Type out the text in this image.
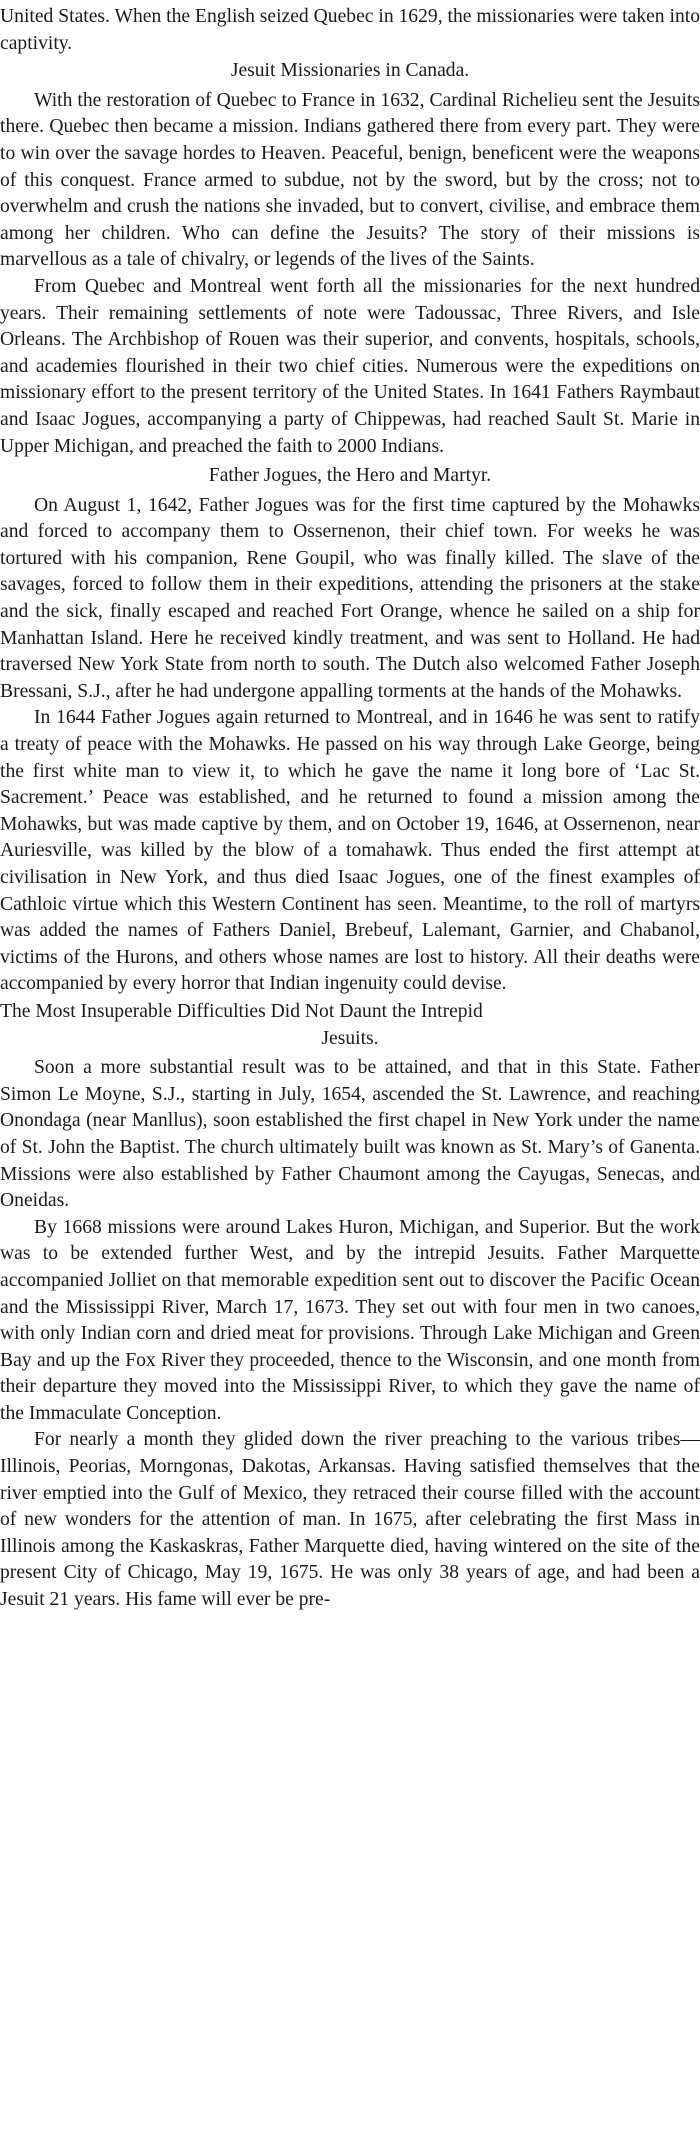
United States. When the English seized Quebec in 1629, the missionaries were taken into captivity.

Jesuit Missionaries in Canada.

With the restoration of Quebec to France in 1632, Cardinal Richelieu sent the Jesuits there. Quebec then became a mission. Indians gathered there from every part. They were to win over the savage hordes to Heaven. Peaceful, benign, beneficent were the weapons of this conquest. France armed to subdue, not by the sword, but by the cross; not to overwhelm and crush the nations she invaded, but to convert, civilise, and embrace them among her children. Who can define the Jesuits? The story of their missions is marvellous as a tale of chivalry, or legends of the lives of the Saints.

From Quebec and Montreal went forth all the missionaries for the next hundred years. Their remaining settlements of note were Tadoussac, Three Rivers, and Isle Orleans. The Archbishop of Rouen was their superior, and convents, hospitals, schools, and academies flourished in their two chief cities. Numerous were the expeditions on missionary effort to the present territory of the United States. In 1641 Fathers Raymbaut and Isaac Jogues, accompanying a party of Chippewas, had reached Sault St. Marie in Upper Michigan, and preached the faith to 2000 Indians.

Father Jogues, the Hero and Martyr.

On August 1, 1642, Father Jogues was for the first time captured by the Mohawks and forced to accompany them to Ossernenon, their chief town. For weeks he was tortured with his companion, Rene Goupil, who was finally killed. The slave of the savages, forced to follow them in their expeditions, attending the prisoners at the stake and the sick, finally escaped and reached Fort Orange, whence he sailed on a ship for Manhattan Island. Here he received kindly treatment, and was sent to Holland. He had traversed New York State from north to south. The Dutch also welcomed Father Joseph Bressani, S.J., after he had undergone appalling torments at the hands of the Mohawks.

In 1644 Father Jogues again returned to Montreal, and in 1646 he was sent to ratify a treaty of peace with the Mohawks. He passed on his way through Lake George, being the first white man to view it, to which he gave the name it long bore of ‘Lac St. Sacrement.’ Peace was established, and he returned to found a mission among the Mohawks, but was made captive by them, and on October 19, 1646, at Ossernenon, near Auriesville, was killed by the blow of a tomahawk. Thus ended the first attempt at civilisation in New York, and thus died Isaac Jogues, one of the finest examples of Cathloic virtue which this Western Continent has seen. Meantime, to the roll of martyrs was added the names of Fathers Daniel, Brebeuf, Lalemant, Garnier, and Chabanol, victims of the Hurons, and others whose names are lost to history. All their deaths were accompanied by every horror that Indian ingenuity could devise.

The Most Insuperable Difficulties Did Not Daunt the Intrepid

Jesuits.

Soon a more substantial result was to be attained, and that in this State. Father Simon Le Moyne, S.J., starting in July, 1654, ascended the St. Lawrence, and reaching Onondaga (near Manllus), soon established the first chapel in New York under the name of St. John the Baptist. The church ultimately built was known as St. Mary’s of Ganenta. Missions were also established by Father Chaumont among the Cayugas, Senecas, and Oneidas.

By 1668 missions were around Lakes Huron, Michigan, and Superior. But the work was to be extended further West, and by the intrepid Jesuits. Father Marquette accompanied Jolliet on that memorable expedition sent out to discover the Pacific Ocean and the Mississippi River, March 17, 1673. They set out with four men in two canoes, with only Indian corn and dried meat for provisions. Through Lake Michigan and Green Bay and up the Fox River they proceeded, thence to the Wisconsin, and one month from their departure they moved into the Mississippi River, to which they gave the name of the Immaculate Conception.

For nearly a month they glided down the river preaching to the various tribes—Illinois, Peorias, Morngonas, Dakotas, Arkansas. Having satisfied themselves that the river emptied into the Gulf of Mexico, they retraced their course filled with the account of new wonders for the attention of man. In 1675, after celebrating the first Mass in Illinois among the Kaskaskras, Father Marquette died, having wintered on the site of the present City of Chicago, May 19, 1675. He was only 38 years of age, and had been a Jesuit 21 years. His fame will ever be pre-
